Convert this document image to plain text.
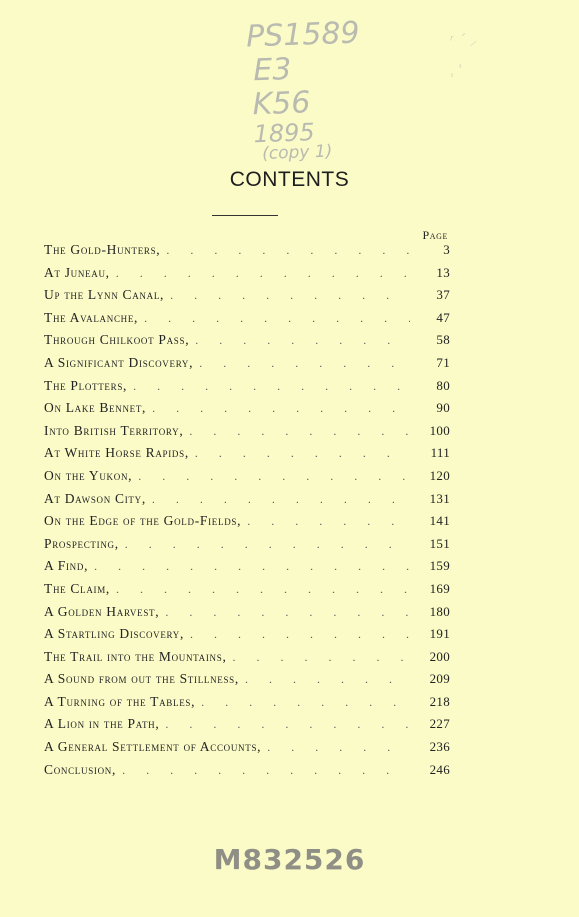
PS1589
E3
K56
1895
(copy 1)
ʳ ˊ ⸝
ˌ ˈ
CONTENTS
Page
The Gold-Hunters, . . .	3
At Juneau, . . .	13
Up the Lynn Canal, . . .	37
The Avalanche, . . .	47
Through Chilkoot Pass, . . .	58
A Significant Discovery, . . .	71
The Plotters, . . .	80
On Lake Bennet, . . .	90
Into British Territory, . . .	100
At White Horse Rapids, . . .	111
On the Yukon, . . .	120
At Dawson City, . . .	131
On the Edge of the Gold-Fields, . . .	141
Prospecting, . . .	151
A Find, . . .	159
The Claim, . . .	169
A Golden Harvest, . . .	180
A Startling Discovery, . . .	191
The Trail into the Mountains, . . .	200
A Sound from out the Stillness, . . .	209
A Turning of the Tables, . . .	218
A Lion in the Path, . . .	227
A General Settlement of Accounts, . . .	236
Conclusion, . . .	246
M832526
